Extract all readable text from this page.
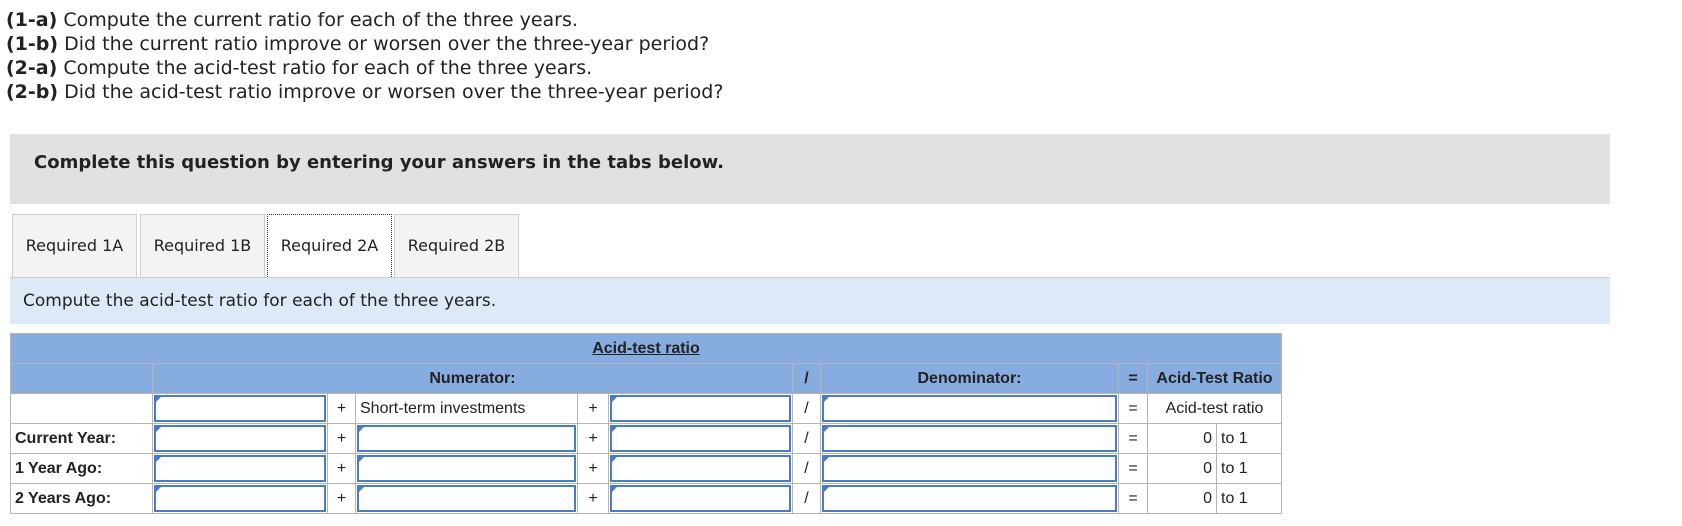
(1-a) Compute the current ratio for each of the three years.
(1-b) Did the current ratio improve or worsen over the three-year period?
(2-a) Compute the acid-test ratio for each of the three years.
(2-b) Did the acid-test ratio improve or worsen over the three-year period?
Complete this question by entering your answers in the tabs below.
Required 1A	Required 1B	Required 2A	Required 2B
Compute the acid-test ratio for each of the three years.
Acid-test ratio										
	Numerator:					/	Denominator:	=	Acid-Test Ratio	

	+	Short-term investments	+		/		=	Acid-test ratio	
Current Year:		+		+		/		=	0	to 1
1 Year Ago:		+		+		/		=	0	to 1
2 Years Ago:		+		+		/		=	0	to 1
